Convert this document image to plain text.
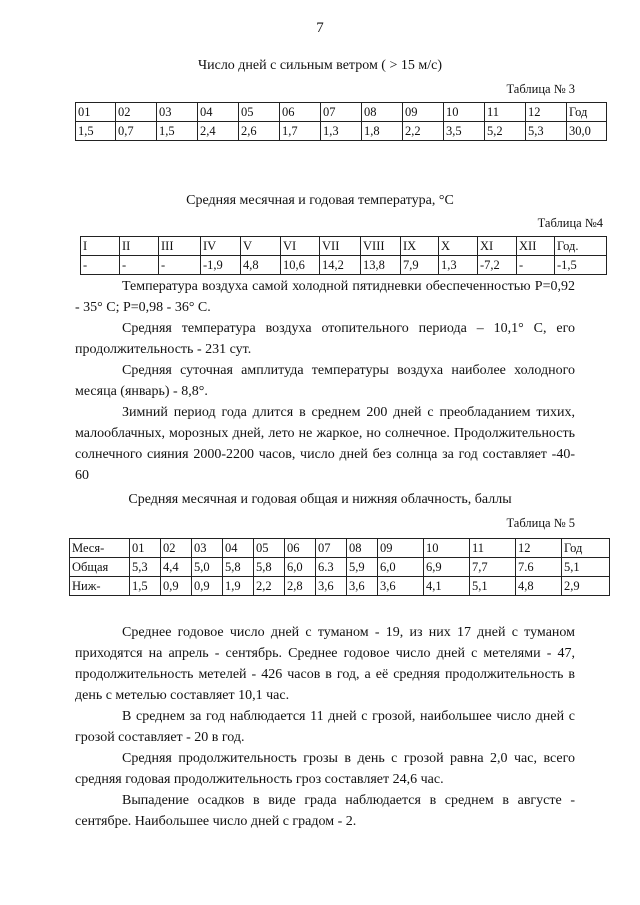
7
Число дней с сильным ветром ( > 15 м/с)
Таблица № 3
01	02	03	04	05	06	07	08	09	10	11	12	Год
1,5	0,7	1,5	2,4	2,6	1,7	1,3	1,8	2,2	3,5	5,2	5,3	30,0
Средняя месячная и годовая температура, °С
Таблица №4
I	II	III	IV	V	VI	VII	VIII	IX	X	XI	XII	Год.
-	-	-	-1,9	4,8	10,6	14,2	13,8	7,9	1,3	-7,2	-	-1,5

Температура воздуха самой холодной пятидневки обеспеченностью Р=0,92 - 35° С; Р=0,98 - 36° С.

Средняя температура воздуха отопительного периода – 10,1° С, его продолжительность - 231 сут.

Средняя суточная амплитуда температуры воздуха наиболее холодного месяца (январь) - 8,8°.

Зимний период года длится в среднем 200 дней с преобладанием тихих, малооблачных, морозных дней, лето не жаркое, но солнечное. Продолжительность солнечного сияния 2000-2200 часов, число дней без солнца за год составляет -40-60

Средняя месячная и годовая общая и нижняя облачность, баллы
Таблица № 5
Меся-	01	02	03	04	05	06	07	08	09	10	11	12	Год
Общая	5,3	4,4	5,0	5,8	5,8	6,0	6.3	5,9	6,0	6,9	7,7	7.6	5,1
Ниж-	1,5	0,9	0,9	1,9	2,2	2,8	3,6	3,6	3,6	4,1	5,1	4,8	2,9

Среднее годовое число дней с туманом - 19, из них 17 дней с туманом приходятся на апрель - сентябрь. Среднее годовое число дней с метелями - 47, продолжительность метелей - 426 часов в год, а её средняя продолжительность в день с метелью составляет 10,1 час.

В среднем за год наблюдается 11 дней с грозой, наибольшее число дней с грозой составляет - 20 в год.

Средняя продолжительность грозы в день с грозой равна 2,0 час, всего средняя годовая продолжительность гроз составляет 24,6 час.

Выпадение осадков в виде града наблюдается в среднем в августе - сентябре. Наибольшее число дней с градом - 2.
